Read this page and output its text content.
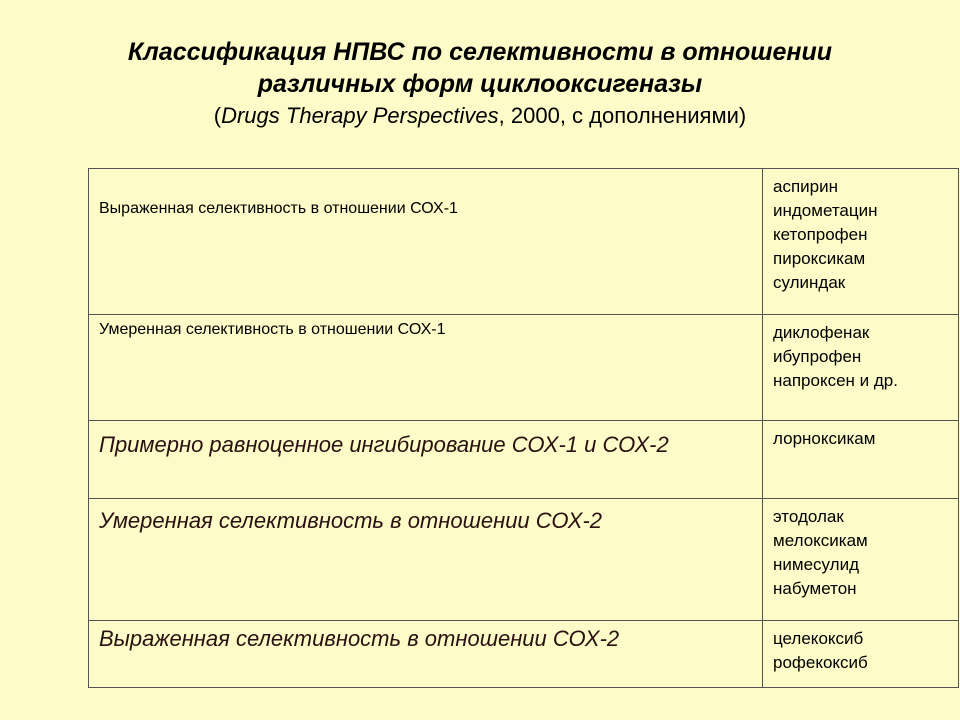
Классификация НПВС по селективности в отношении
различных форм циклооксигеназы
(Drugs Therapy Perspectives, 2000, с дополнениями)
Выраженная селективность в отношении СОХ-1	аспирин
индометацин
кетопрофен
пироксикам
сулиндак

Умеренная селективность в отношении СОХ-1	диклофенак
ибупрофен
напроксен и др.

Примерно равноценное ингибирование СОХ-1 и СОХ-2	лорноксикам

Умеренная селективность в отношении СОХ-2	этодолак
мелоксикам
нимесулид
набуметон

Выраженная селективность в отношении СОХ-2	целекоксиб
рофекоксиб
